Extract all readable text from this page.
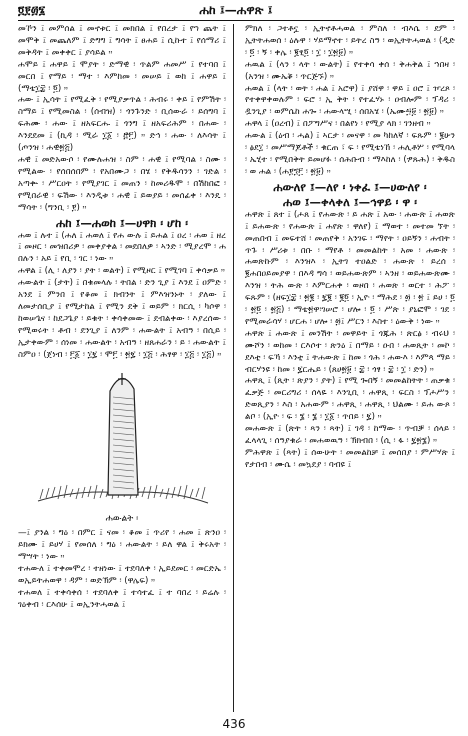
፬፻፴፮	ሐከ ፤—ሐዋጽ ፤
መኾን ፤ መምሰል ፤ መኖቱር ፤ መክበል ፤ የበረታ ፤ የኀ ጨት ፤ መሞቅ ፤ መጨለም ፤ ድግግ ፤ ግሳት ፤ ፀሐይ ፤ ሲኩተ ፤ የሰማሪ ፤ መቅዳት ፤ መቀቀር ፤ ያሳይል ።
ሐሞይ ፤ ሐዋይ ፤ ሞያት ፡ ድማዊ ፡ ጥልም ሐመሥ ፤ የተባበ ፤ መርበ ፤ የማይ ፡ ማተ ፡ እምከመ ፡ መሠይ ፤ ወከ ፤ ሐዋይ ፤ (ማቴ፲፰ ፡ ፬) ።
ሐው ፤ ኢሳት ፤ የሚፈቅ ፡ የሚያቃጥል ፡ ሕብሩ ፡ ቀይ ፤ የምሽት ፡ ስማይ ፤ የሚመስል ፡ (ሰብዝ) ፡ ጎንጉንድ ፡ ቢሰውራ ፡ ይሰግባ ፤ ፍሕሙ ፡ ሐው ፤ ዘአፍርሑ ፤ ጎንግ ፤ ዘአፍሪሕም ፡ በሐው ፡ እንደደመ ፤ (ኪዳ ፡ ሚራ ፲፩ ፡ ፸፫) ። ድኅ ፡ ሐው ፡ ለእሳት ፤ (ጦንዝ ፡ ሐዊ፳፭)
ሐዊ ፤ መድአውሶ ፡ የሙሉሐዝ ፡ ስም ፡ ሐዊ ፤ የሚባል ፡ ስሙ ፡ የሚልው ፡ የሰበሰበም ፡ የአበሙጋ ፡ በሄ ፡ የቅዱሳንን ፡ ገድል ፡ አጣቍ ፡ ሥርዐት ፡ የሚያገር ፤ መጠን ፡ ከመሪዱሞ ፡ በሽከበፎ ፡ የሚበራዊ ፡ ፍሽው ፡ እንዲቱ ፡ ሐዊ ፤ ይወያይ ፡ መሰፊቀ ፡ እንዴ ፡ ማሳት ፡ (ግንቢ ፡ ፻) ።
ሐከ ፤—ሐወከ ፤—ሀዋክ ፡ ሆከ ፡
ሐወ ፤ ሉተ ፤ (ሐለ ፤ ሐወለ ፤ የሐ ውሉ ፤ ይሐል ፤ ዐረ ፡ ሐወ ፤ ዘረ ፤ መዞር ፡ መዝበሪዎ ፡ መቀያቀል ፡ መደበለዎ ፡ ኣንድ ፡ ሚያረሞ ፡ ሐ በሉን ፡ አይ ፤ የቢ ፡ ገር ፡ ነው ።
ሐዋል ፤ (ሊ ፡ ለያን ፡ ያት ፡ ወልት) ፤ የሚዞር ፤ የሚገባ ፤ ቀሳቃይ ።
ሐውልት ፤ (ታት) ፤ በቁመላሉ ፡ ትበል ፡ ድን ጊያ ፤ እንደ ፤ ዐምድ ፡ አንደ ፤ ምንበ ፤ የቆመ ፤ ክብንት ፤ ምእዝንኑት ፡ ያለው ፤ ለመታሰቢያ ፤ የሚታከል ፤ የሚን ደቅ ፤ ወይም ፡ ክርሲ ፡ ካሶዋ ፡ ከወሠጌና ፡ ከደጋጌያ ፡ ይቁት ፡ ቀሳቀመው ፤ ደብልቀው ፡ እያረሰው ፡ የሚወሩት ፡ ቶብ ፡ ደንጊያ ፤ ለንም ፡ ሐውልት ፤ አብዓ ፡ በሲይ ፡ ኢታቀውም ፡ ሰነመ ፡ ሐውልት ፡ አብዓ ፡ ዘጸሐራን ፡ ይ ፡ ሐውልት ፤ ስምዐ ፡ (ጀነብ ፡ ፫፩ ፡ ፲፯ ፡ ሞ፫ ፡ ፳፯ ፡ ፲፭ ፡ ሕፃዋ ፡ ፲፭ ፡ ፲፭) ።
ሐውልት ፡
—፤ ያንል ፡ ግዕ ፡ በምር ፤ ናመ ፡ ቆመ ፤ ጥሪየ ፡ ሐመ ፤ ጽንዐ ፡ ይክሙ ፤ ይሀሃ ፤ የመሰለ ፡ ግዕ ፡ ሐውልት ፡ ይለ ዋል ፤ ቅሩአት ፡ ማሣት ፡ ነው ።
ተሐውለ ፤ ተቀመሞረ ፡ ተዘነው ፤ ተደባለቀ ፡ ኢይደመር ፡ መርድኤ ፡ ወኢይትሐወዋ ፡ ዳም ፡ ወድኽም ፡ (ዋሌፍ) ።
ተሐወለ ፤ ተቀሳቀሰ ፡ ተደባለቀ ፤ ተሳተፈ ፤ ተ ባበረ ፡ ይሬሉ ፡ ገዕቀብ ፡ ርእሰሁ ፤ ወኢንትሓወል ፤
ምክለ ፡ ጋተቶኗ ፡ ኢትኖቶሓወል ፡ ምስለ ፡ ብእሴ ፡ ደም ፡ ኢትትሐወሰ ፡ ዕሉዋ ፡ ሃይማኖተ ፡ ይትረ ስዓ ፡ ወኢትትሓወል ፡ (ዲድ ፡ ፬ ፡ ኝ ፡ ቀሌ ፡ ፪ፂ፬ ፡ ፲ ፡ ፲፳፱) ።
ሐዉል ፤ (ላን ፡ ላት ፡ ውልት) ፤ የተቀሳ ቀሰ ፡ ቅሐቅል ፤ ኀበዛ ፡ (አንዝ ፡ ሙኤቖ ፡ ጥርጅኙ) ።
ሐወል ፤ (ላት ፡ ወት ፡ ሐል ፤ አሮዋ) ፤ ያሸዋ ፡ ዋይ ፤ ዐሮ ፤ ዦረጾ ፡ የተቀዋቀወሉም ፡ ፍሮ ፡ ኢ ቅት ፡ የተፈሃኑ ፡ ዐብሎም ፡ ፕዳሪ ፡ ዷንጊያ ፡ ወምሴከ ሐጐ ፡ ሐውላሢ ፡ ሰበአሄ ፡ (ኤሙ፵፱ ፡ ፳፱) ።
ሐዋላ ፤ (ዐረብ) ፤ በፖግሥና ፡ በልየነ ፡ የሚያ ላክ ፡ ገንዘብ ።
ሐውል ፤ (ዕብ ፡ ሓል) ፤ ኣርታ ፡ መናዋ ፡ መ ካከለኛ ፡ ፍጹም ፡ ፪ሁን ፡ ፅደ፲ ፡ መሥማጆቶች ፡ ቁርጠ ፣ ፍ ፡ የሚቴነኸ ፡ ሐሊቶሦ ፡ የሚባላ ፡ ኤሂተ ፡ የሚበቅት ይመሆፉ ፡ ሰሕቡብ ፡ ማእከለ ፡ (ፇጹሕ) ፡ ቅዱስ ፡ ወ ሐል ፡ (ሐ፻፺፫ ፡ ፳፱) ።
ሐውለየ ፤—ለየ ፡ ነቀፈ ፤—ሀውለየ ፡
ሐወ ፤—ቀላቀለ ፤—ኅዋይ ፡ ዋ ፡
ሐዋጽ ፤ ጸተ ፤ (ሖጸ ፤ የሐውጽ ፡ ይ ሐጽ ፤ አው ፡ ሐውጽ ፤ ሐወጽ ፤ ይሐውጽ ፡ የሐውጽ ፤ ሐየጽ ፡ ዋለየ) ፤ ማወተ ፡ መተመ ኘት ፡ መጠበብ ፤ መፍተሸ ፡ መጠየቅ ፡ አንገፍ ፡ ማየት ፡ ዐይኝን ፡ ሐብት ፡ ጥጉ ፡ ሥሪቱ ፡ በቡ ፡ ማየቶ ፡ መመልከት ፡ አመ ፡ ሐውጽ ፡ ሐወጽኩም ፡ እንዝእ ፡ ኢትገ ተዐልድ ፡ ሐውጽ ፡ ይረሰ ፡ ፪ሐበዐይመያዋ ፡ በእዳ ግሳ ፡ ወይሐውጽም ፡ ኣንዘ ፡ ወይሐውጽሙ ፡ እንዝ ፡ ትሕ ውጽ ፡ እምርሐቀ ፡ ወዞበ ፡ ሐወጽ ፡ ወርተ ፡ ሕፖ ፡ ፍጹም ፡ (ዘፍ፲፰ ፡ ፳፪ ፡ ፯፪ ፡ ፪፬ ፡ ኢዮ ፡ ማሕደ ፡ ፴ ፡ ፳ ፤ ይሀ ፡ ፬ ፡ ፳፬ ፡ ፳፭) ፡ ማቴ፳ዋ፡ገሠሮ ፡ ሆሎ ፡ ፬ ፡ ሥጵ ፡ ያኒፎሞ ፡ ገደ ፡ የሚመራሳሃ ፡ ሆርሐ ፡ ሆሎ ፡ ፴፤ ሥርን ፡ እስተ ፡ ዕውቅ ፡ ነው ።
ሐዋጽ ፤ ሐውጽ ፤ መንሽት ፡ መዋይት ፤ ጎጁሕ ፡ ጽርፅ ፡ ብሩህ ፡ ሙሾን ፡ ወከመ ፡ ርእሶተ ፡ ጽንዕ ፤ በማይ ፡ ዑበ ፡ ሐወጺት ፡ መኮ ፡ ደእቲ ፡ ፍኻ ፡ እንቲ ፤ ትሐውጽ ፤ ከመ ፡ ጎሕ ፡ ሐውእ ፡ እምጳ ማይ ፡ ብርሃንዩ ፡ ከመ ፡ ፯ርሔይ ፡ (ጸሀ፳፱ ፡ ፰ ፡ ጎፃ ፡ ፰ ፡ ፲ ፡ ድን) ።
ሐዋጺ ፤ (ጺት ፡ ጽያን ፡ ያት) ፤ የሚ ጐበኝ ፡ መመልከትት ፡ ጠቃቁ ፡ ፈቃጅ ፡ መርሪግሪ ፡ ሰላዬ ፡ እንጊቢ ፡ ሐዋጺ ፡ ፍርስ ፡ ፕሖሥን ፡ ድወጺያን ፡ እስ ፡ አሐውም ፡ ሐዋጺ ፡ ሐዋጺ ፡ ህልሙ ፡ ይሐ ውጾ ፡ ልቦ ፡ (ኢዮ ፡ ፍ ፡ ፮ ፡ ፮ ፡ ፲፩ ፡ ጥበይ ፡ ፯) ።
መሐውጽ ፤ (ጽት ፡ ጻን ፡ ጻት) ፤ ገዳ ፡ ከማው ፡ ጥብቓ ፡ ሰላይ ፡ ፈላላጊ ፡ ሰዓያቁራ ፡ መሐወዉዓ ፡ ኽክብበ ፡ (ሲ ፡ ፋ ፡ ፯፳፮) ።
ምሕዋጽ ፤ (ጻት) ፤ ሰውሁት ፡ መመልከቻ ፤ መሰበያ ፡ ምሥሃጽ ፤ የታበብ ፡ ሙሴ ፡ መኳደያ ፡ ባብዩ ፤
436
